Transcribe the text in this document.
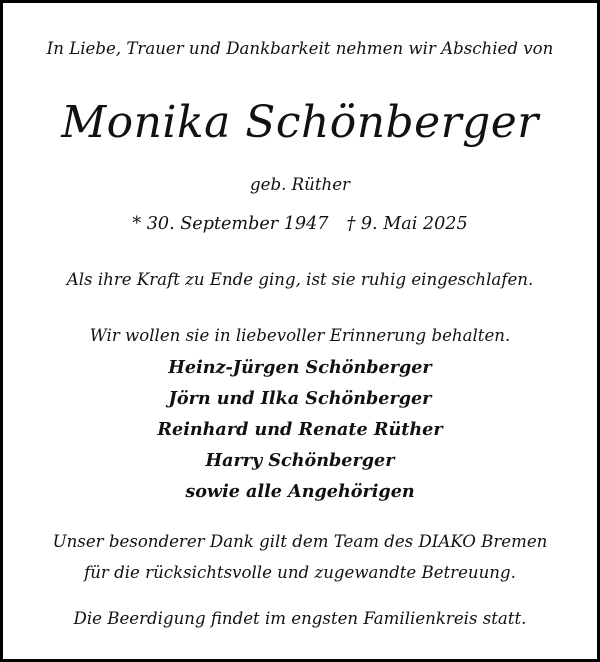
In Liebe, Trauer und Dankbarkeit nehmen wir Abschied von
Monika Schönberger
geb. Rüther
* 30. September 1947 † 9. Mai 2025
Als ihre Kraft zu Ende ging, ist sie ruhig eingeschlafen.
Wir wollen sie in liebevoller Erinnerung behalten.
Heinz-Jürgen Schönberger
Jörn und Ilka Schönberger
Reinhard und Renate Rüther
Harry Schönberger
sowie alle Angehörigen
Unser besonderer Dank gilt dem Team des DIAKO Bremen
für die rücksichtsvolle und zugewandte Betreuung.
Die Beerdigung findet im engsten Familienkreis statt.
